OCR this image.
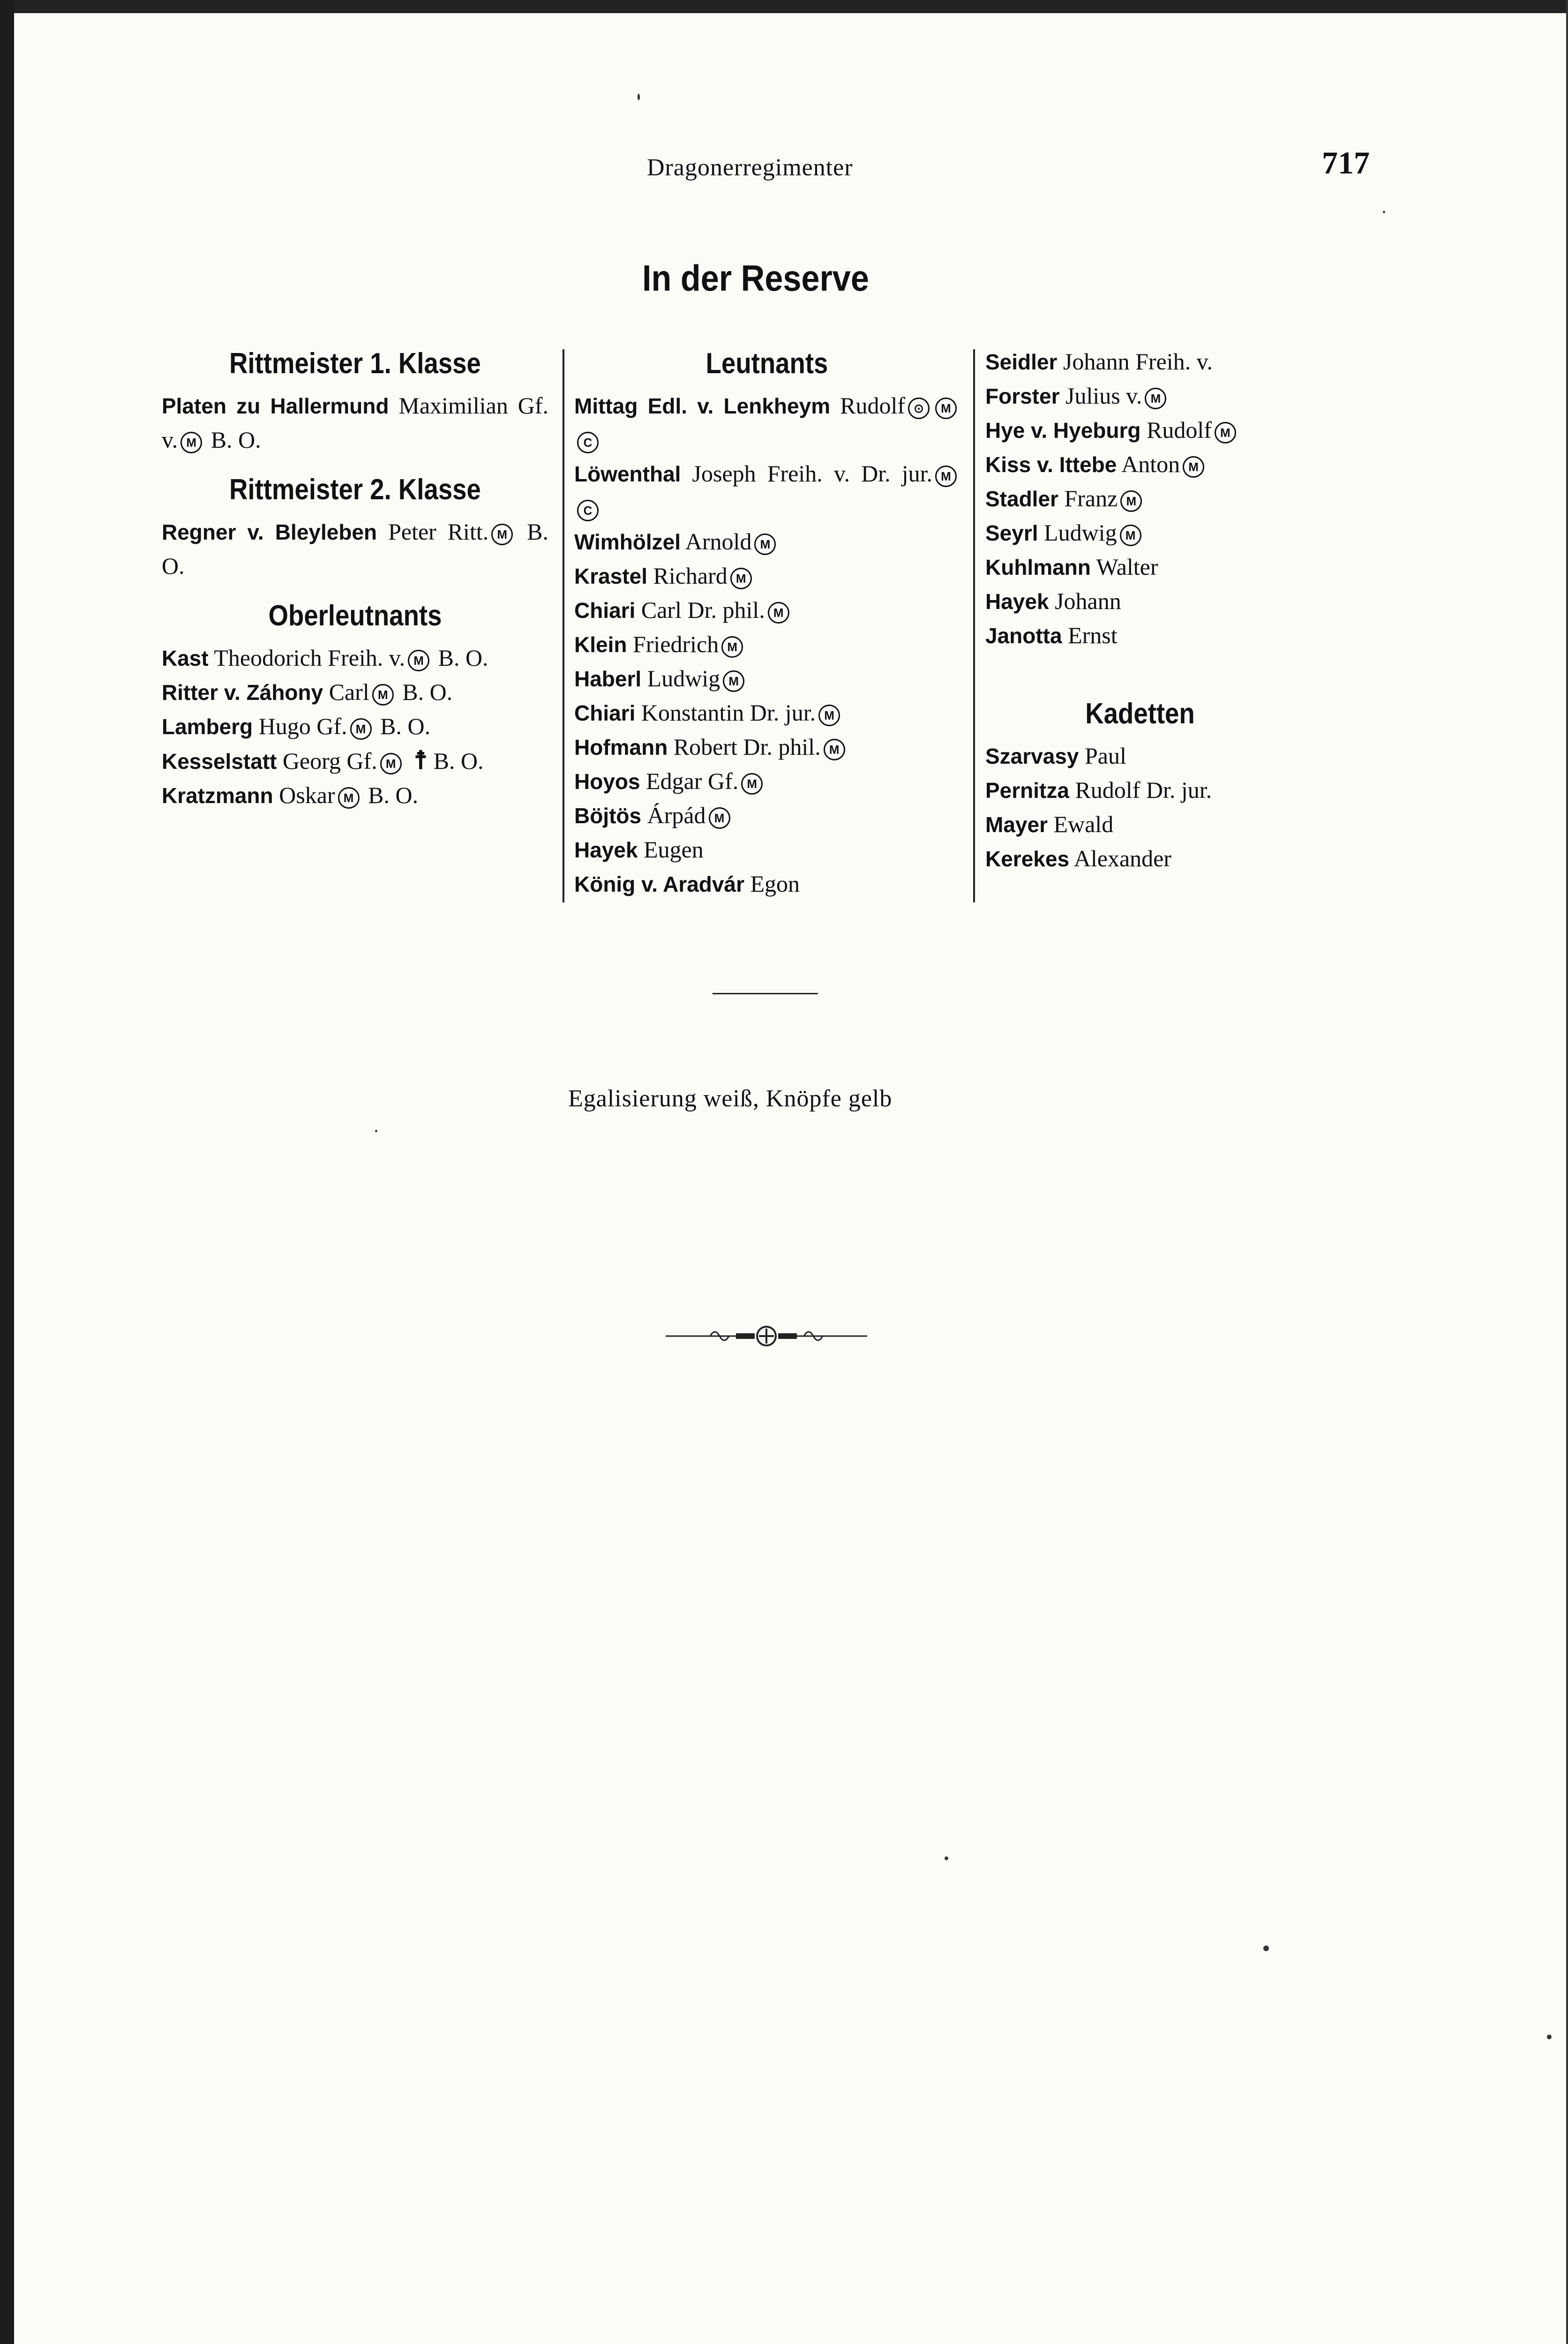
Dragonerregimenter	717
In der Reserve
Rittmeister 1. Klasse
Platen zu Hallermund Maximilian Gf. v. M B. O.
Rittmeister 2. Klasse
Regner v. Bleyleben Peter Ritt. M B. O.
Oberleutnants
Kast Theodorich Freih. v. M B. O.
Ritter v. Záhony Carl M B. O.
Lamberg Hugo Gf. M B. O.
Kesselstatt Georg Gf. M ☨ B. O.
Kratzmann Oskar M B. O.
Leutnants
Mittag Edl. v. Lenkheym Rudolf ⊙ MC
Löwenthal Joseph Freih. v. Dr. jur. MC
Wimhölzel Arnold M
Krastel Richard M
Chiari Carl Dr. phil. M
Klein Friedrich M
Haberl Ludwig M
Chiari Konstantin Dr. jur. M
Hofmann Robert Dr. phil. M
Hoyos Edgar Gf. M
Böjtös Árpád M
Hayek Eugen
König v. Aradvár Egon
Seidler Johann Freih. v.
Forster Julius v. M
Hye v. Hyeburg Rudolf M
Kiss v. Ittebe Anton M
Stadler Franz M
Seyrl Ludwig M
Kuhlmann Walter
Hayek Johann
Janotta Ernst
Kadetten
Szarvasy Paul
Pernitza Rudolf Dr. jur.
Mayer Ewald
Kerekes Alexander
Egalisierung weiß, Knöpfe gelb
